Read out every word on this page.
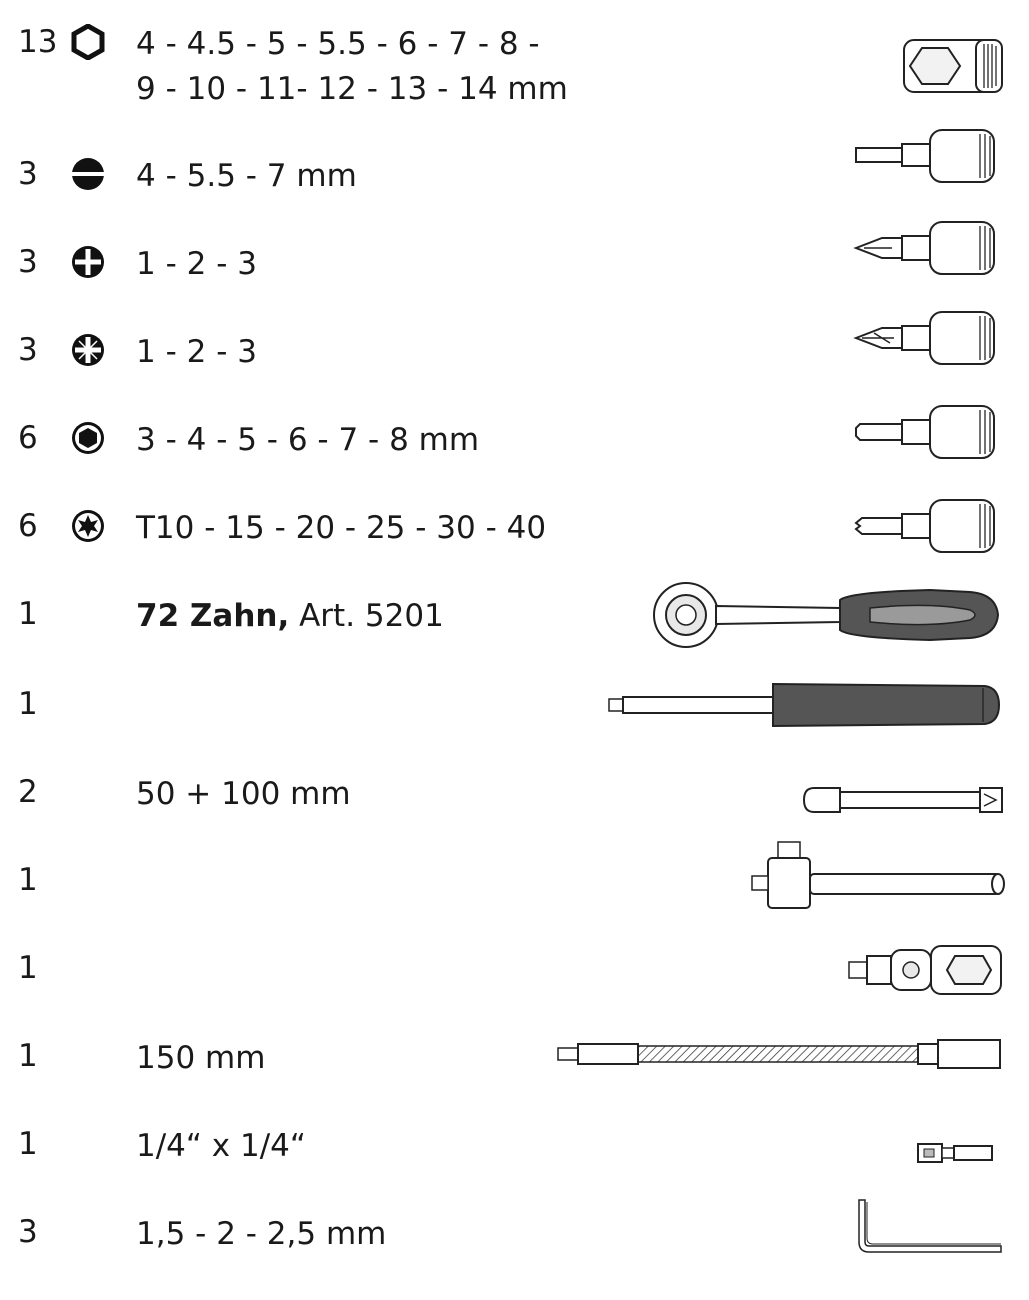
13	4 - 4.5 - 5 - 5.5 - 6 - 7 - 8 -
9 - 10 - 11- 12 - 13 - 14 mm
3	4 - 5.5 - 7 mm
3	1 - 2 - 3
3	1 - 2 - 3
6	3 - 4 - 5 - 6 - 7 - 8 mm
6	T10 - 15 - 20 - 25 - 30 - 40
1	72 Zahn, Art. 5201
1
2	50 + 100 mm
1
1
1	150 mm
1	1/4“ x 1/4“
3	1,5 - 2 - 2,5 mm
